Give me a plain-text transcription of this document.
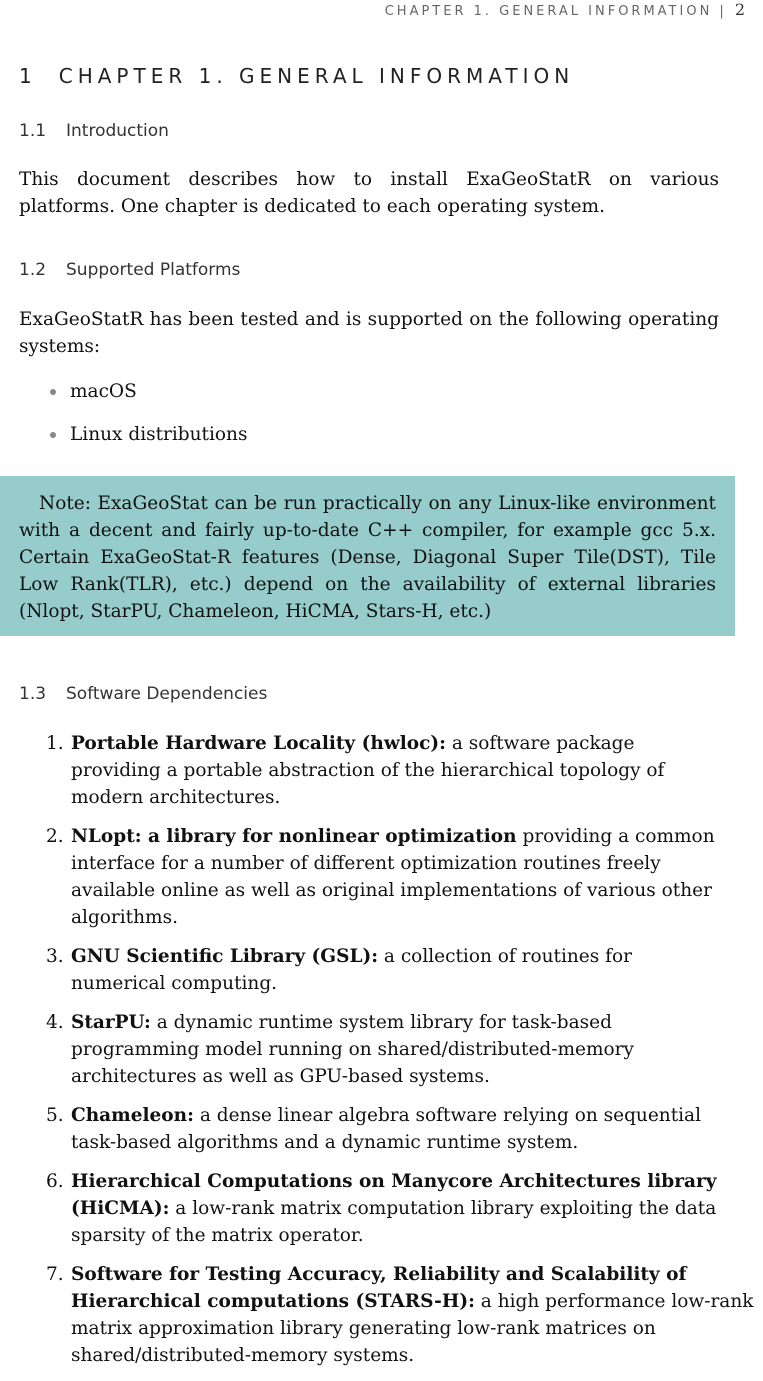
CHAPTER 1. GENERAL INFORMATION | 2
1 CHAPTER 1. GENERAL INFORMATION
1.1 Introduction

This document describes how to install ExaGeoStatR on various platforms. One chapter is dedicated to each operating system.

1.2 Supported Platforms

ExaGeoStatR has been tested and is supported on the following operating systems:

macOS
Linux distributions

Note: ExaGeoStat can be run practically on any Linux-like environment with a decent and fairly up-to-date C++ compiler, for example gcc 5.x. Certain ExaGeoStat-R features (Dense, Diagonal Super Tile(DST), Tile Low Rank(TLR), etc.) depend on the availability of external libraries (Nlopt, StarPU, Chameleon, HiCMA, Stars-H, etc.)

1.3 Software Dependencies
1. Portable Hardware Locality (hwloc): a software package providing a portable abstraction of the hierarchical topology of modern architectures.
2. NLopt: a library for nonlinear optimization providing a common interface for a number of different optimization routines freely available online as well as original implementations of various other algorithms.
3. GNU Scientific Library (GSL): a collection of routines for numerical computing.
4. StarPU: a dynamic runtime system library for task-based programming model running on shared/distributed-memory architectures as well as GPU-based systems.
5. Chameleon: a dense linear algebra software relying on sequential task-based algorithms and a dynamic runtime system.
6. Hierarchical Computations on Manycore Architectures library (HiCMA): a low-rank matrix computation library exploiting the data sparsity of the matrix operator.
7. Software for Testing Accuracy, Reliability and Scalability of Hierarchical computations (STARS-H): a high performance low-rank matrix approximation library generating low-rank matrices on shared/distributed-memory systems.
